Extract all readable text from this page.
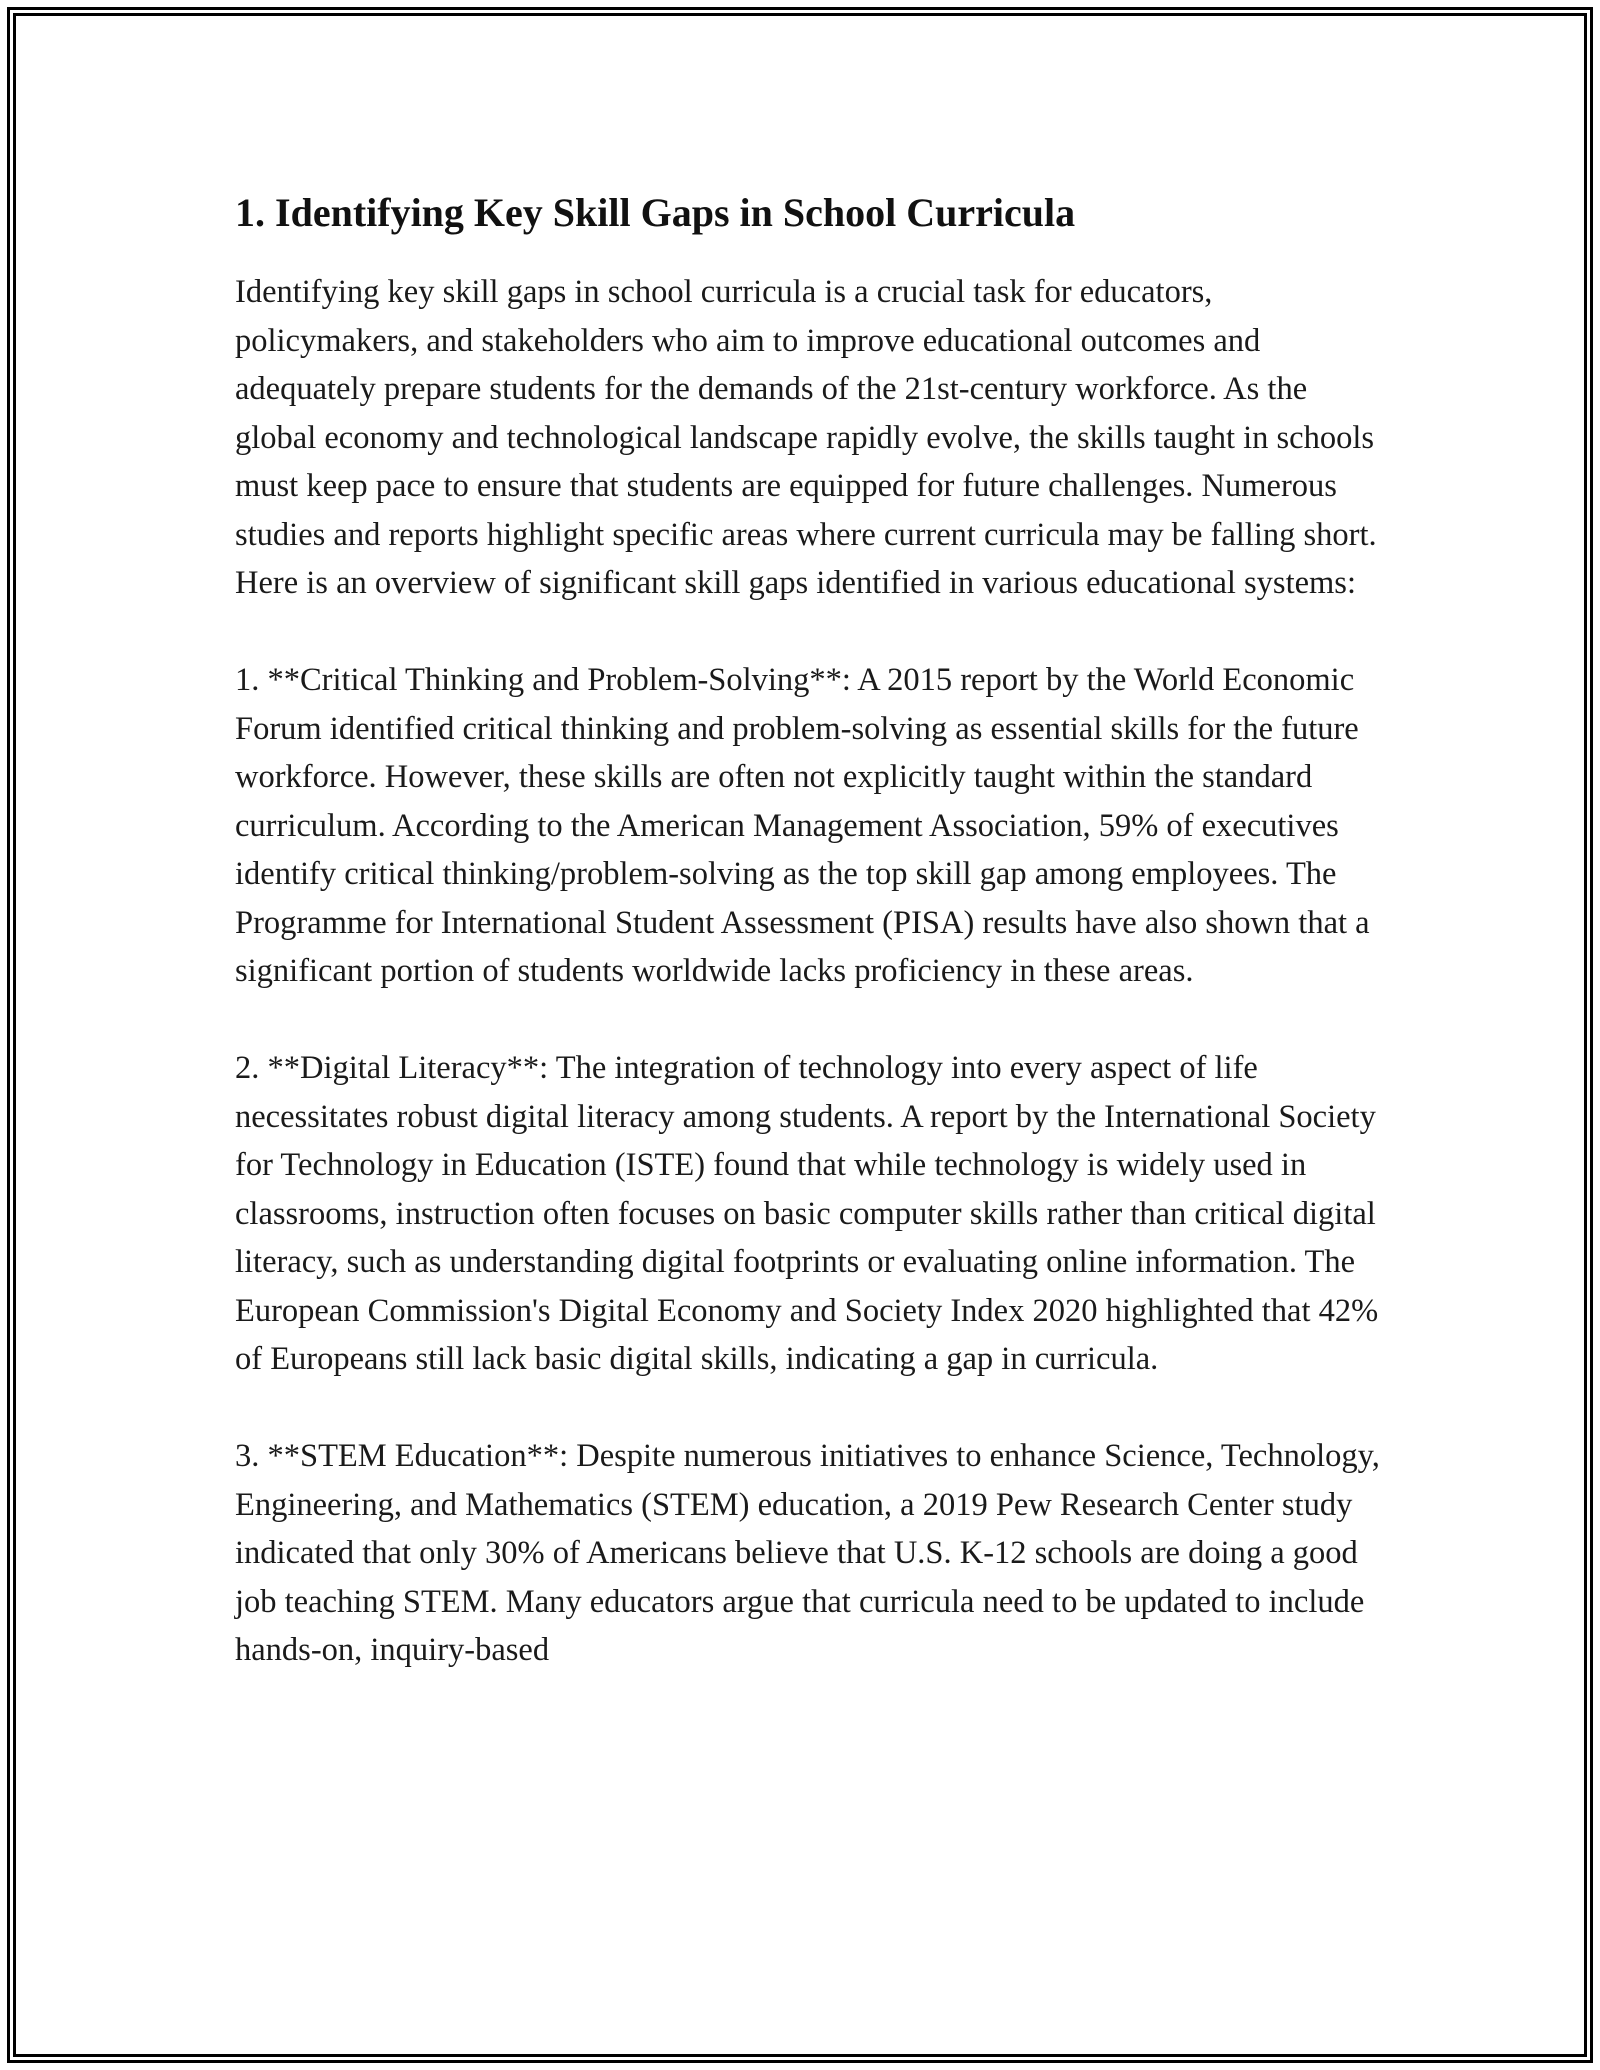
1. Identifying Key Skill Gaps in School Curricula

Identifying key skill gaps in school curricula is a crucial task for educators, policymakers, and stakeholders who aim to improve educational outcomes and adequately prepare students for the demands of the 21st-century workforce. As the global economy and technological landscape rapidly evolve, the skills taught in schools must keep pace to ensure that students are equipped for future challenges. Numerous studies and reports highlight specific areas where current curricula may be falling short. Here is an overview of significant skill gaps identified in various educational systems:

1. **Critical Thinking and Problem-Solving**: A 2015 report by the World Economic Forum identified critical thinking and problem-solving as essential skills for the future workforce. However, these skills are often not explicitly taught within the standard curriculum. According to the American Management Association, 59% of executives identify critical thinking/problem-solving as the top skill gap among employees. The Programme for International Student Assessment (PISA) results have also shown that a significant portion of students worldwide lacks proficiency in these areas.

2. **Digital Literacy**: The integration of technology into every aspect of life necessitates robust digital literacy among students. A report by the International Society for Technology in Education (ISTE) found that while technology is widely used in classrooms, instruction often focuses on basic computer skills rather than critical digital literacy, such as understanding digital footprints or evaluating online information. The European Commission's Digital Economy and Society Index 2020 highlighted that 42% of Europeans still lack basic digital skills, indicating a gap in curricula.

3. **STEM Education**: Despite numerous initiatives to enhance Science, Technology, Engineering, and Mathematics (STEM) education, a 2019 Pew Research Center study indicated that only 30% of Americans believe that U.S. K-12 schools are doing a good job teaching STEM. Many educators argue that curricula need to be updated to include hands-on, inquiry-based
